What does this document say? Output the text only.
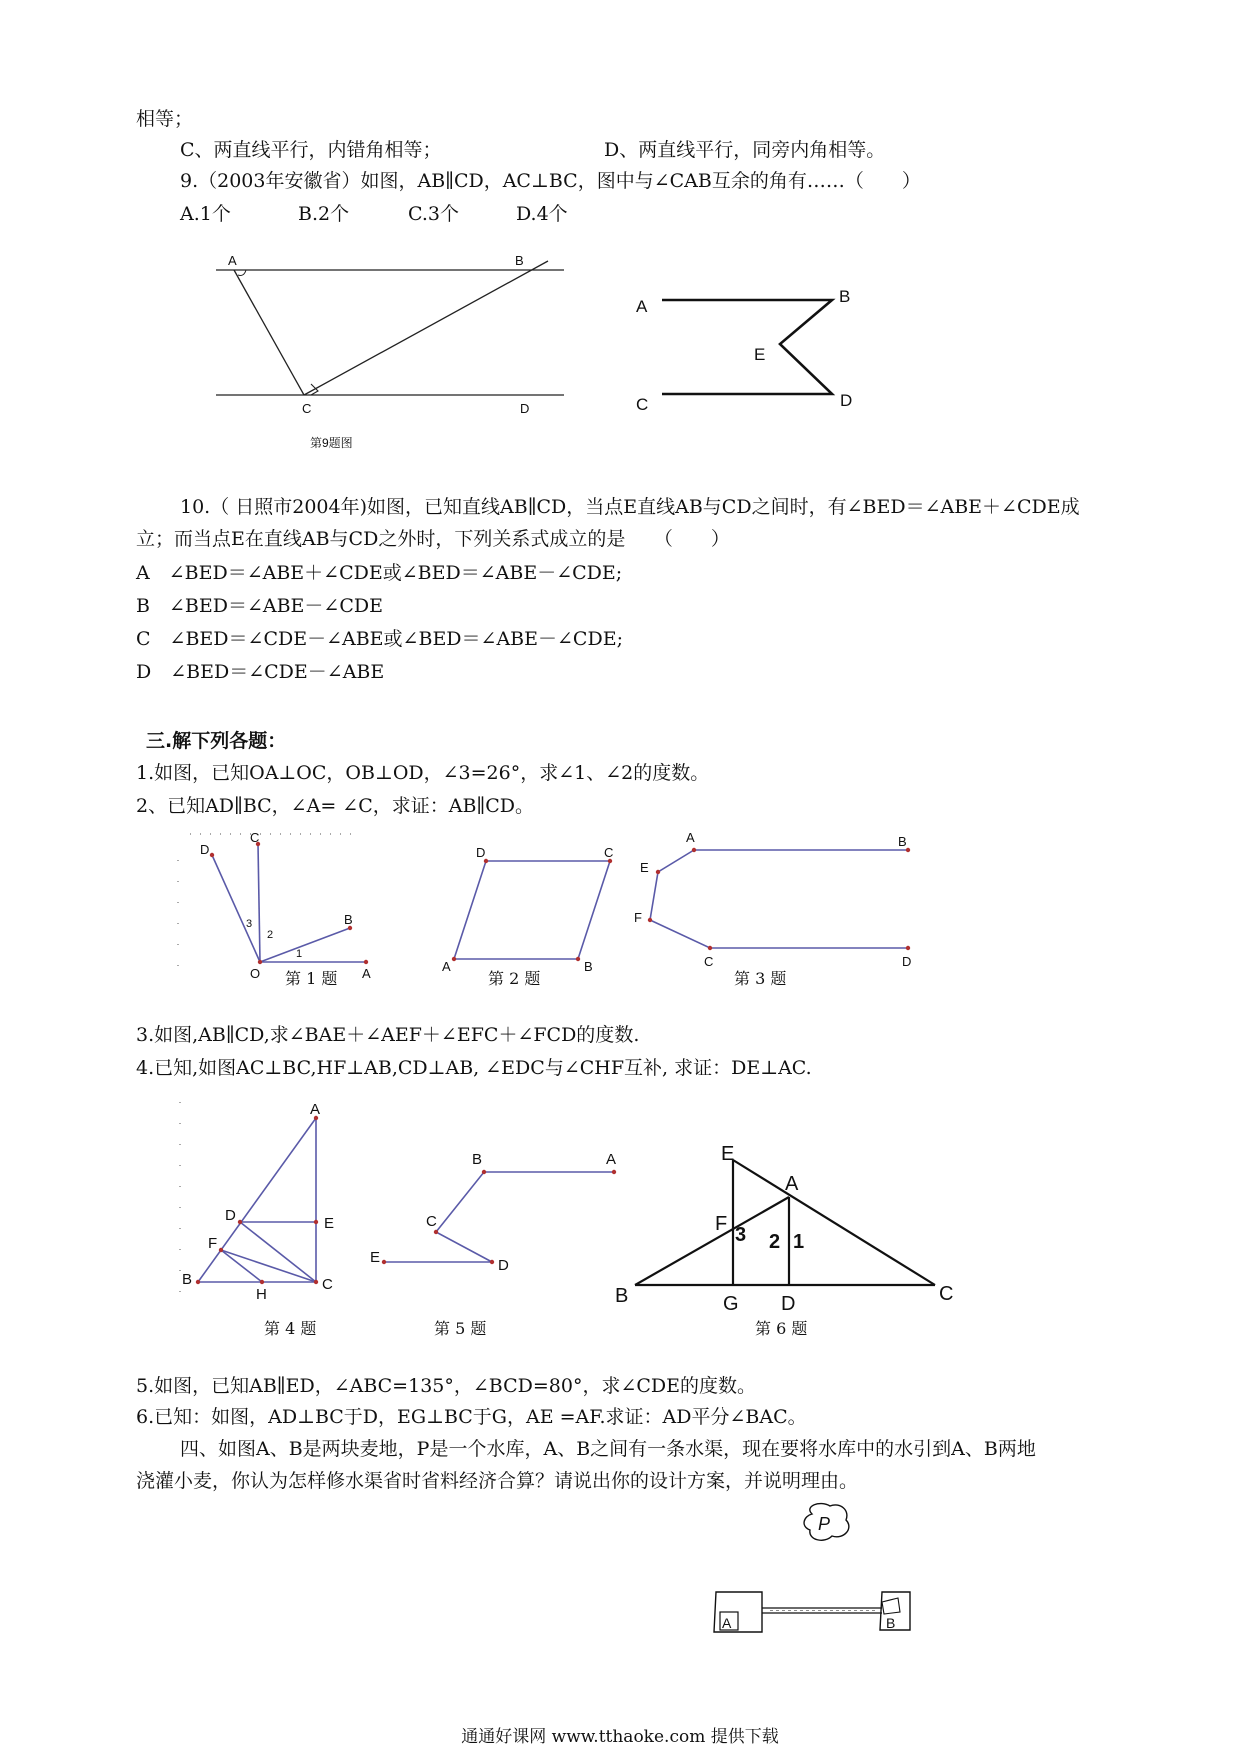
相等；
C、两直线平行，内错角相等；	D、两直线平行，同旁内角相等。
9.（2003年安徽省）如图，AB∥CD，AC⊥BC，图中与∠CAB互余的角有……（　　）
A.1个	B.2个	C.3个	D.4个
A	B
C	D
第9题图
A
B
E
C	D
10.（ 日照市2004年)如图，已知直线AB∥CD，当点E直线AB与CD之间时，有∠BED＝∠ABE＋∠CDE成
立；而当点E在直线AB与CD之外时，下列关系式成立的是　　（　　）
A　∠BED＝∠ABE＋∠CDE或∠BED＝∠ABE－∠CDE;
B　∠BED＝∠ABE－∠CDE
C　∠BED＝∠CDE－∠ABE或∠BED＝∠ABE－∠CDE;
D　∠BED＝∠CDE－∠ABE
三.解下列各题：
1.如图，已知OA⊥OC，OB⊥OD，∠3=26°，求∠1、∠2的度数。
2、已知AD∥BC，∠A= ∠C，求证：AB∥CD。
D
C
B
O	A
1
2
3
第 1 题
D	C
A	B
第 2 题
A	B
E
F
C	D
第 3 题
3.如图,AB∥CD,求∠BAE＋∠AEF＋∠EFC＋∠FCD的度数.
4.已知,如图AC⊥BC,HF⊥AB,CD⊥AB, ∠EDC与∠CHF互补, 求证：DE⊥AC.
A
D	E
F
B
H
C
第 4 题
B	A
C
E	D
第 5 题
E
A
F 3 2 1
B	G D	C
第 6 题
5.如图，已知AB∥ED，∠ABC=135°，∠BCD=80°，求∠CDE的度数。
6.已知：如图，AD⊥BC于D，EG⊥BC于G，AE =AF.求证：AD平分∠BAC。
四、如图A、B是两块麦地，P是一个水库，A、B之间有一条水渠，现在要将水库中的水引到A、B两地
浇灌小麦，你认为怎样修水渠省时省料经济合算？请说出你的设计方案，并说明理由。
P
A	B
通通好课网 www.tthaoke.com 提供下载
